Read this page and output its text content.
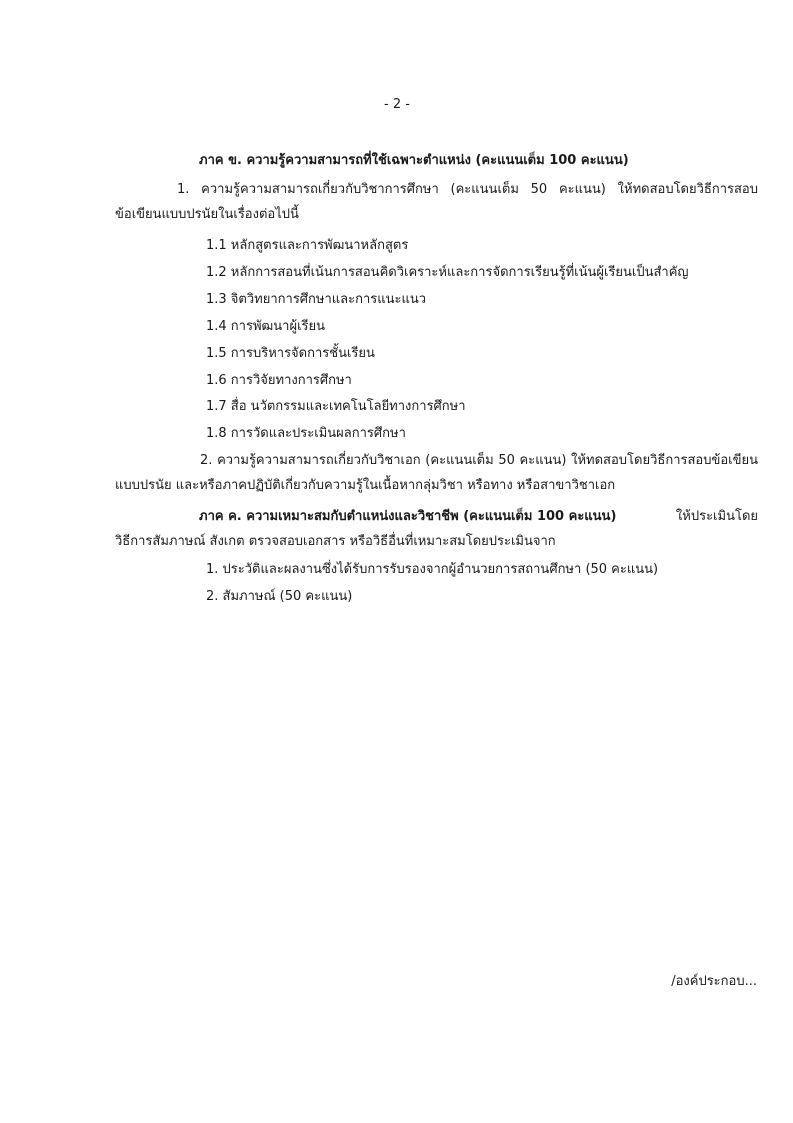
- 2 -
ภาค ข. ความรู้ความสามารถที่ใช้เฉพาะตำแหน่ง (คะแนนเต็ม 100 คะแนน)
1. ความรู้ความสามารถเกี่ยวกับวิชาการศึกษา (คะแนนเต็ม 50 คะแนน) ให้ทดสอบโดยวิธีการสอบ
ข้อเขียนแบบปรนัยในเรื่องต่อไปนี้
1.1 หลักสูตรและการพัฒนาหลักสูตร
1.2 หลักการสอนที่เน้นการสอนคิดวิเคราะห์และการจัดการเรียนรู้ที่เน้นผู้เรียนเป็นสำคัญ
1.3 จิตวิทยาการศึกษาและการแนะแนว
1.4 การพัฒนาผู้เรียน
1.5 การบริหารจัดการชั้นเรียน
1.6 การวิจัยทางการศึกษา
1.7 สื่อ นวัตกรรมและเทคโนโลยีทางการศึกษา
1.8 การวัดและประเมินผลการศึกษา
2. ความรู้ความสามารถเกี่ยวกับวิชาเอก (คะแนนเต็ม 50 คะแนน) ให้ทดสอบโดยวิธีการสอบข้อเขียน
แบบปรนัย และหรือภาคปฏิบัติเกี่ยวกับความรู้ในเนื้อหากลุ่มวิชา หรือทาง หรือสาขาวิชาเอก
ภาค ค. ความเหมาะสมกับตำแหน่งและวิชาชีพ (คะแนนเต็ม 100 คะแนน)	ให้ประเมินโดย
วิธีการสัมภาษณ์ สังเกต ตรวจสอบเอกสาร หรือวิธีอื่นที่เหมาะสมโดยประเมินจาก
1. ประวัติและผลงานซึ่งได้รับการรับรองจากผู้อำนวยการสถานศึกษา (50 คะแนน)
2. สัมภาษณ์ (50 คะแนน)
/องค์ประกอบ...
